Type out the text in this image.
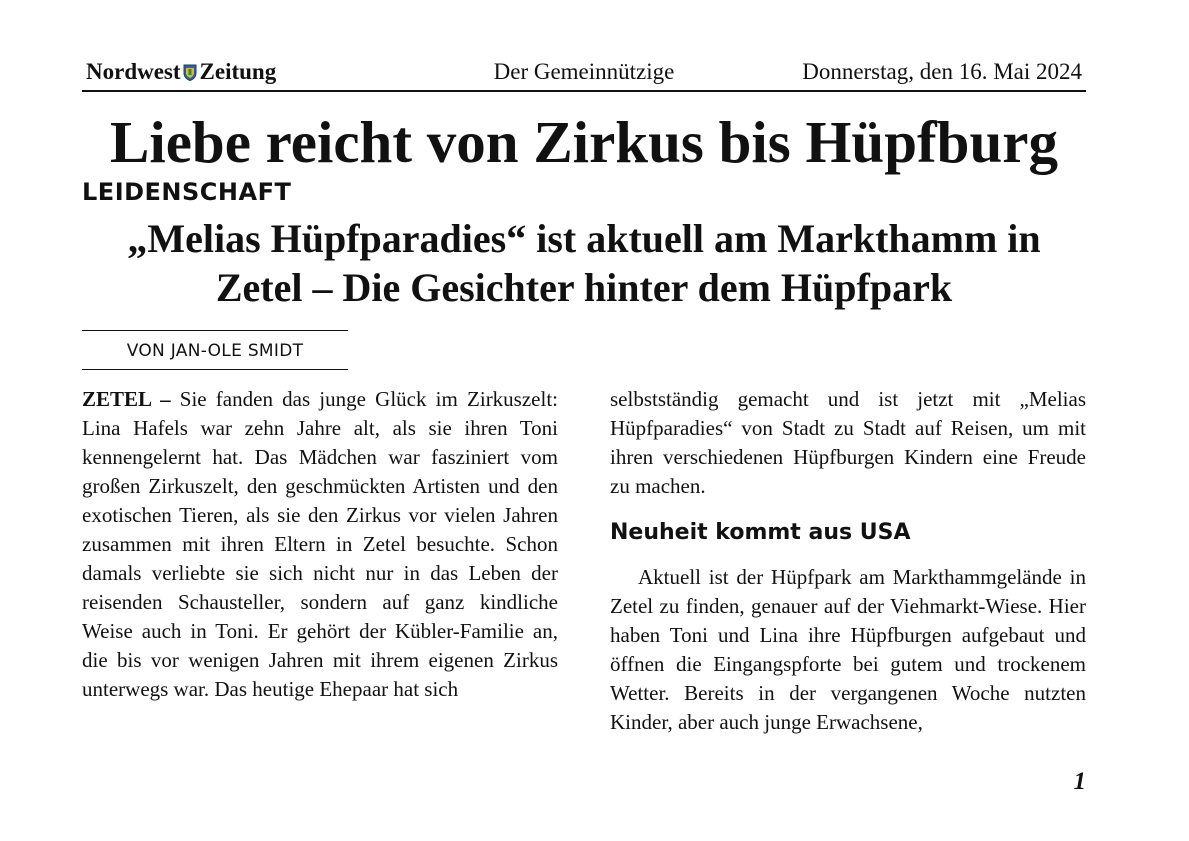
Nordwest Zeitung	Der Gemeinnützige	Donnerstag, den 16. Mai 2024
Liebe reicht von Zirkus bis Hüpfburg
LEIDENSCHAFT
„Melias Hüpfparadies“ ist aktuell am Markthamm in Zetel – Die Gesichter hinter dem Hüpfpark
VON JAN-OLE SMIDT

ZETEL – Sie fanden das junge Glück im Zirkuszelt: Lina Hafels war zehn Jahre alt, als sie ihren Toni kennengelernt hat. Das Mädchen war fasziniert vom großen Zirkuszelt, den geschmückten Artisten und den exotischen Tieren, als sie den Zirkus vor vielen Jahren zusammen mit ihren Eltern in Zetel besuchte. Schon damals verliebte sie sich nicht nur in das Leben der reisenden Schausteller, sondern auf ganz kindliche Weise auch in Toni. Er gehört der Kübler-Familie an, die bis vor wenigen Jahren mit ihrem eigenen Zirkus unterwegs war. Das heutige Ehepaar hat sich

selbstständig gemacht und ist jetzt mit „Melias Hüpfparadies“ von Stadt zu Stadt auf Reisen, um mit ihren verschiedenen Hüpfburgen Kindern eine Freude zu machen.

Neuheit kommt aus USA

Aktuell ist der Hüpfpark am Markthammgelände in Zetel zu finden, genauer auf der Viehmarkt-Wiese. Hier haben Toni und Lina ihre Hüpfburgen aufgebaut und öffnen die Eingangspforte bei gutem und trockenem Wetter. Bereits in der vergangenen Woche nutzten Kinder, aber auch junge Erwachsene,

1
